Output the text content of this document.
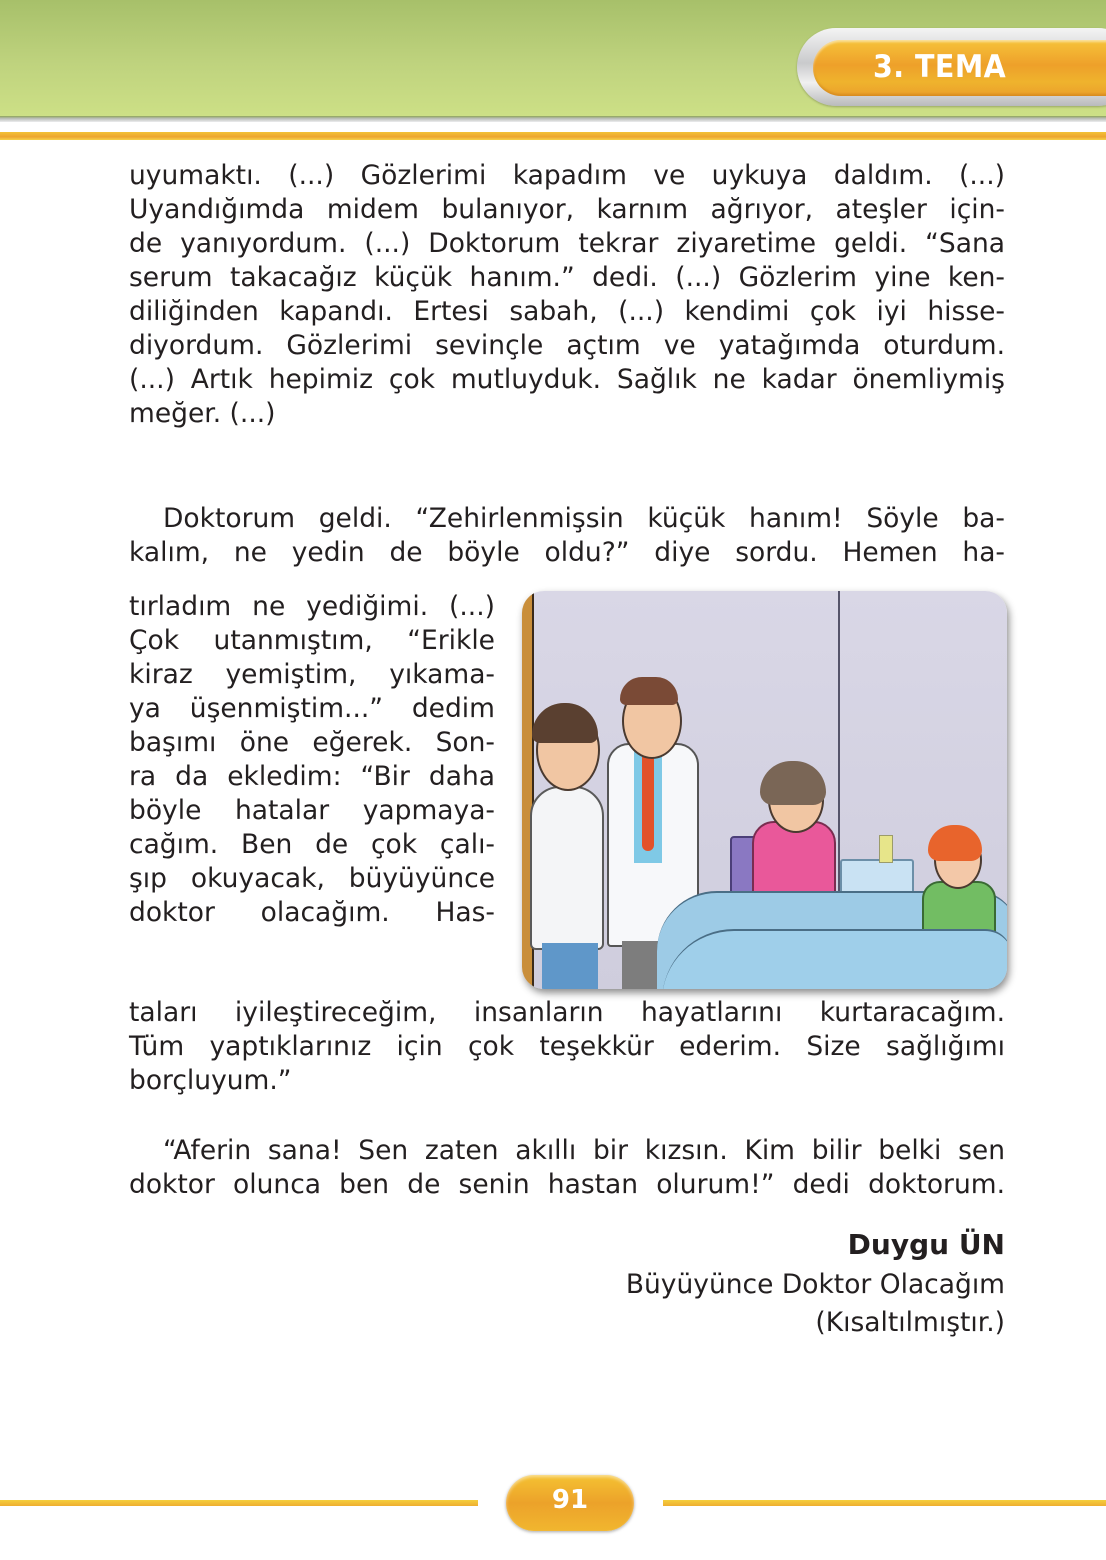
3. TEMA
uyumaktı. (...) Gözlerimi kapadım ve uykuya daldım. (...)
Uyandığımda midem bulanıyor, karnım ağrıyor, ateşler için-
de yanıyordum. (...) Doktorum tekrar ziyaretime geldi. “Sana
serum takacağız küçük hanım.” dedi. (...) Gözlerim yine ken-
diliğinden kapandı. Ertesi sabah, (...) kendimi çok iyi hisse-
diyordum. Gözlerimi sevinçle açtım ve yatağımda oturdum.
(...) Artık hepimiz çok mutluyduk. Sağlık ne kadar önemliymiş
meğer. (...)
Doktorum geldi. “Zehirlenmişsin küçük hanım! Söyle ba-
kalım, ne yedin de böyle oldu?” diye sordu. Hemen ha-
tırladım ne yediğimi. (...)
Çok utanmıştım, “Erikle
kiraz yemiştim, yıkama-
ya üşenmiştim...” dedim
başımı öne eğerek. Son-
ra da ekledim: “Bir daha
böyle hatalar yapmaya-
cağım. Ben de çok çalı-
şıp okuyacak, büyüyünce
doktor olacağım. Has-
taları iyileştireceğim, insanların hayatlarını kurtaracağım.
Tüm yaptıklarınız için çok teşekkür ederim. Size sağlığımı
borçluyum.”
“Aferin sana! Sen zaten akıllı bir kızsın. Kim bilir belki sen
doktor olunca ben de senin hastan olurum!” dedi doktorum.
Duygu ÜN
Büyüyünce Doktor Olacağım
(Kısaltılmıştır.)
91
